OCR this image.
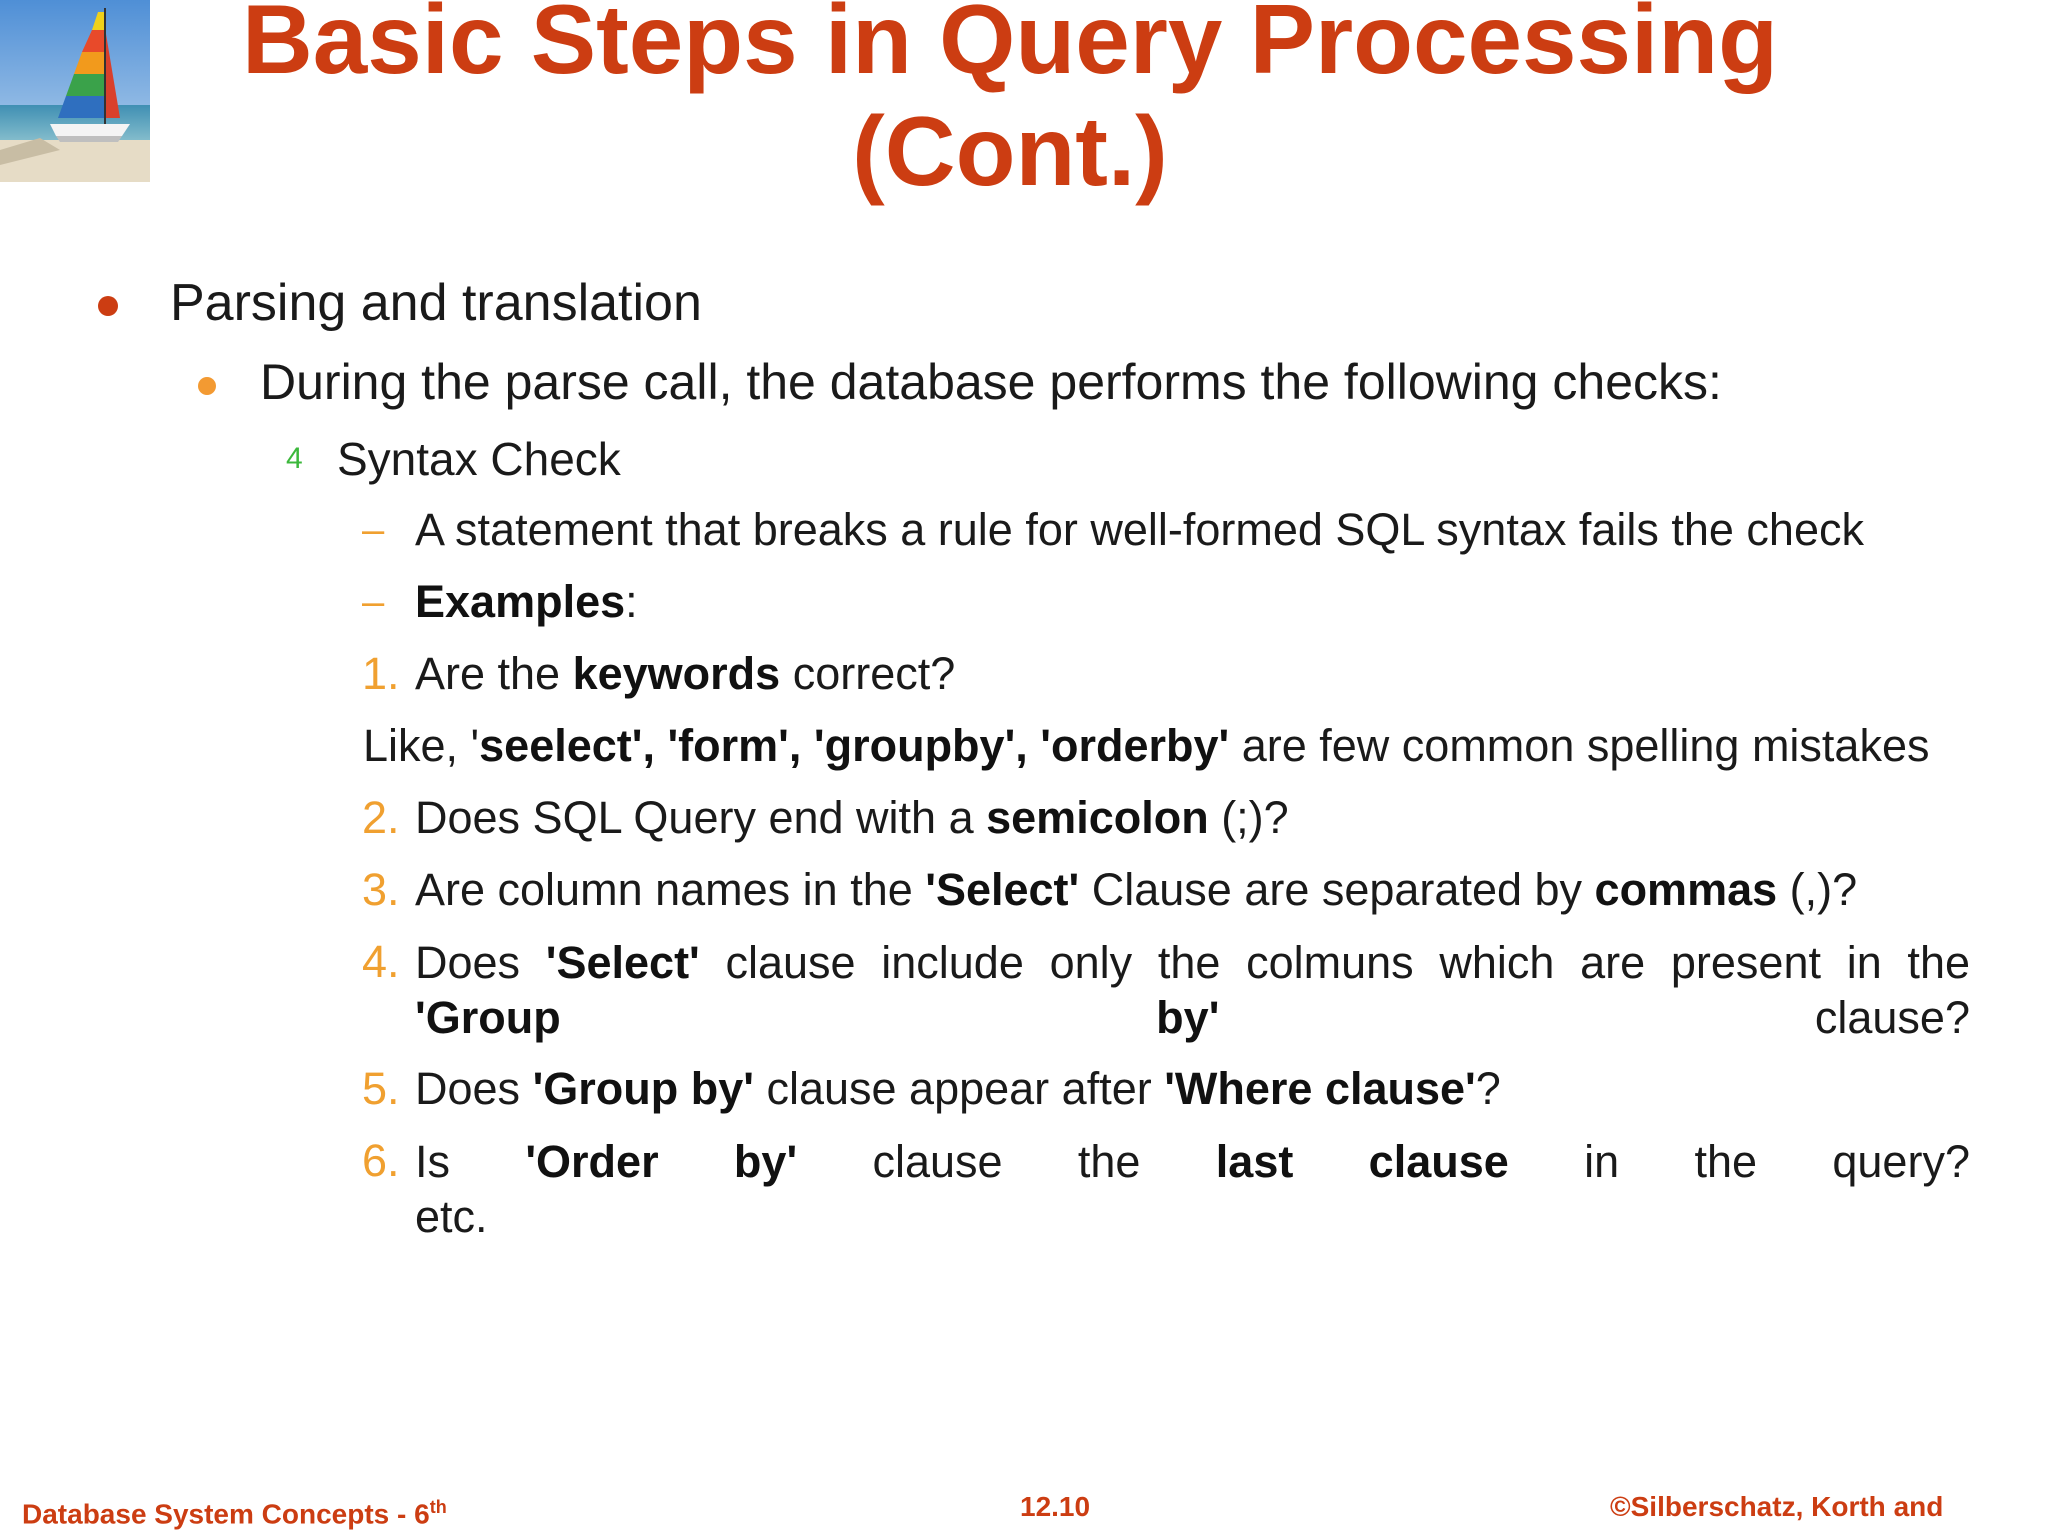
Basic Steps in Query Processing
(Cont.)
Parsing and translation
During the parse call, the database performs the following checks:
4 Syntax Check
– A statement that breaks a rule for well-formed SQL syntax fails the check
– Examples:
1. Are the keywords correct?
Like, 'seelect', 'form', 'groupby', 'orderby' are few common spelling mistakes
2. Does SQL Query end with a semicolon (;)?
3. Are column names in the 'Select' Clause are separated by commas (,)?
4. Does 'Select' clause include only the colmuns which are present in the 'Group by' clause?
5. Does 'Group by' clause appear after 'Where clause'?
6. Is 'Order by' clause the last clause in the query?
etc.
Database System Concepts - 6th	12.10	©Silberschatz, Korth and
